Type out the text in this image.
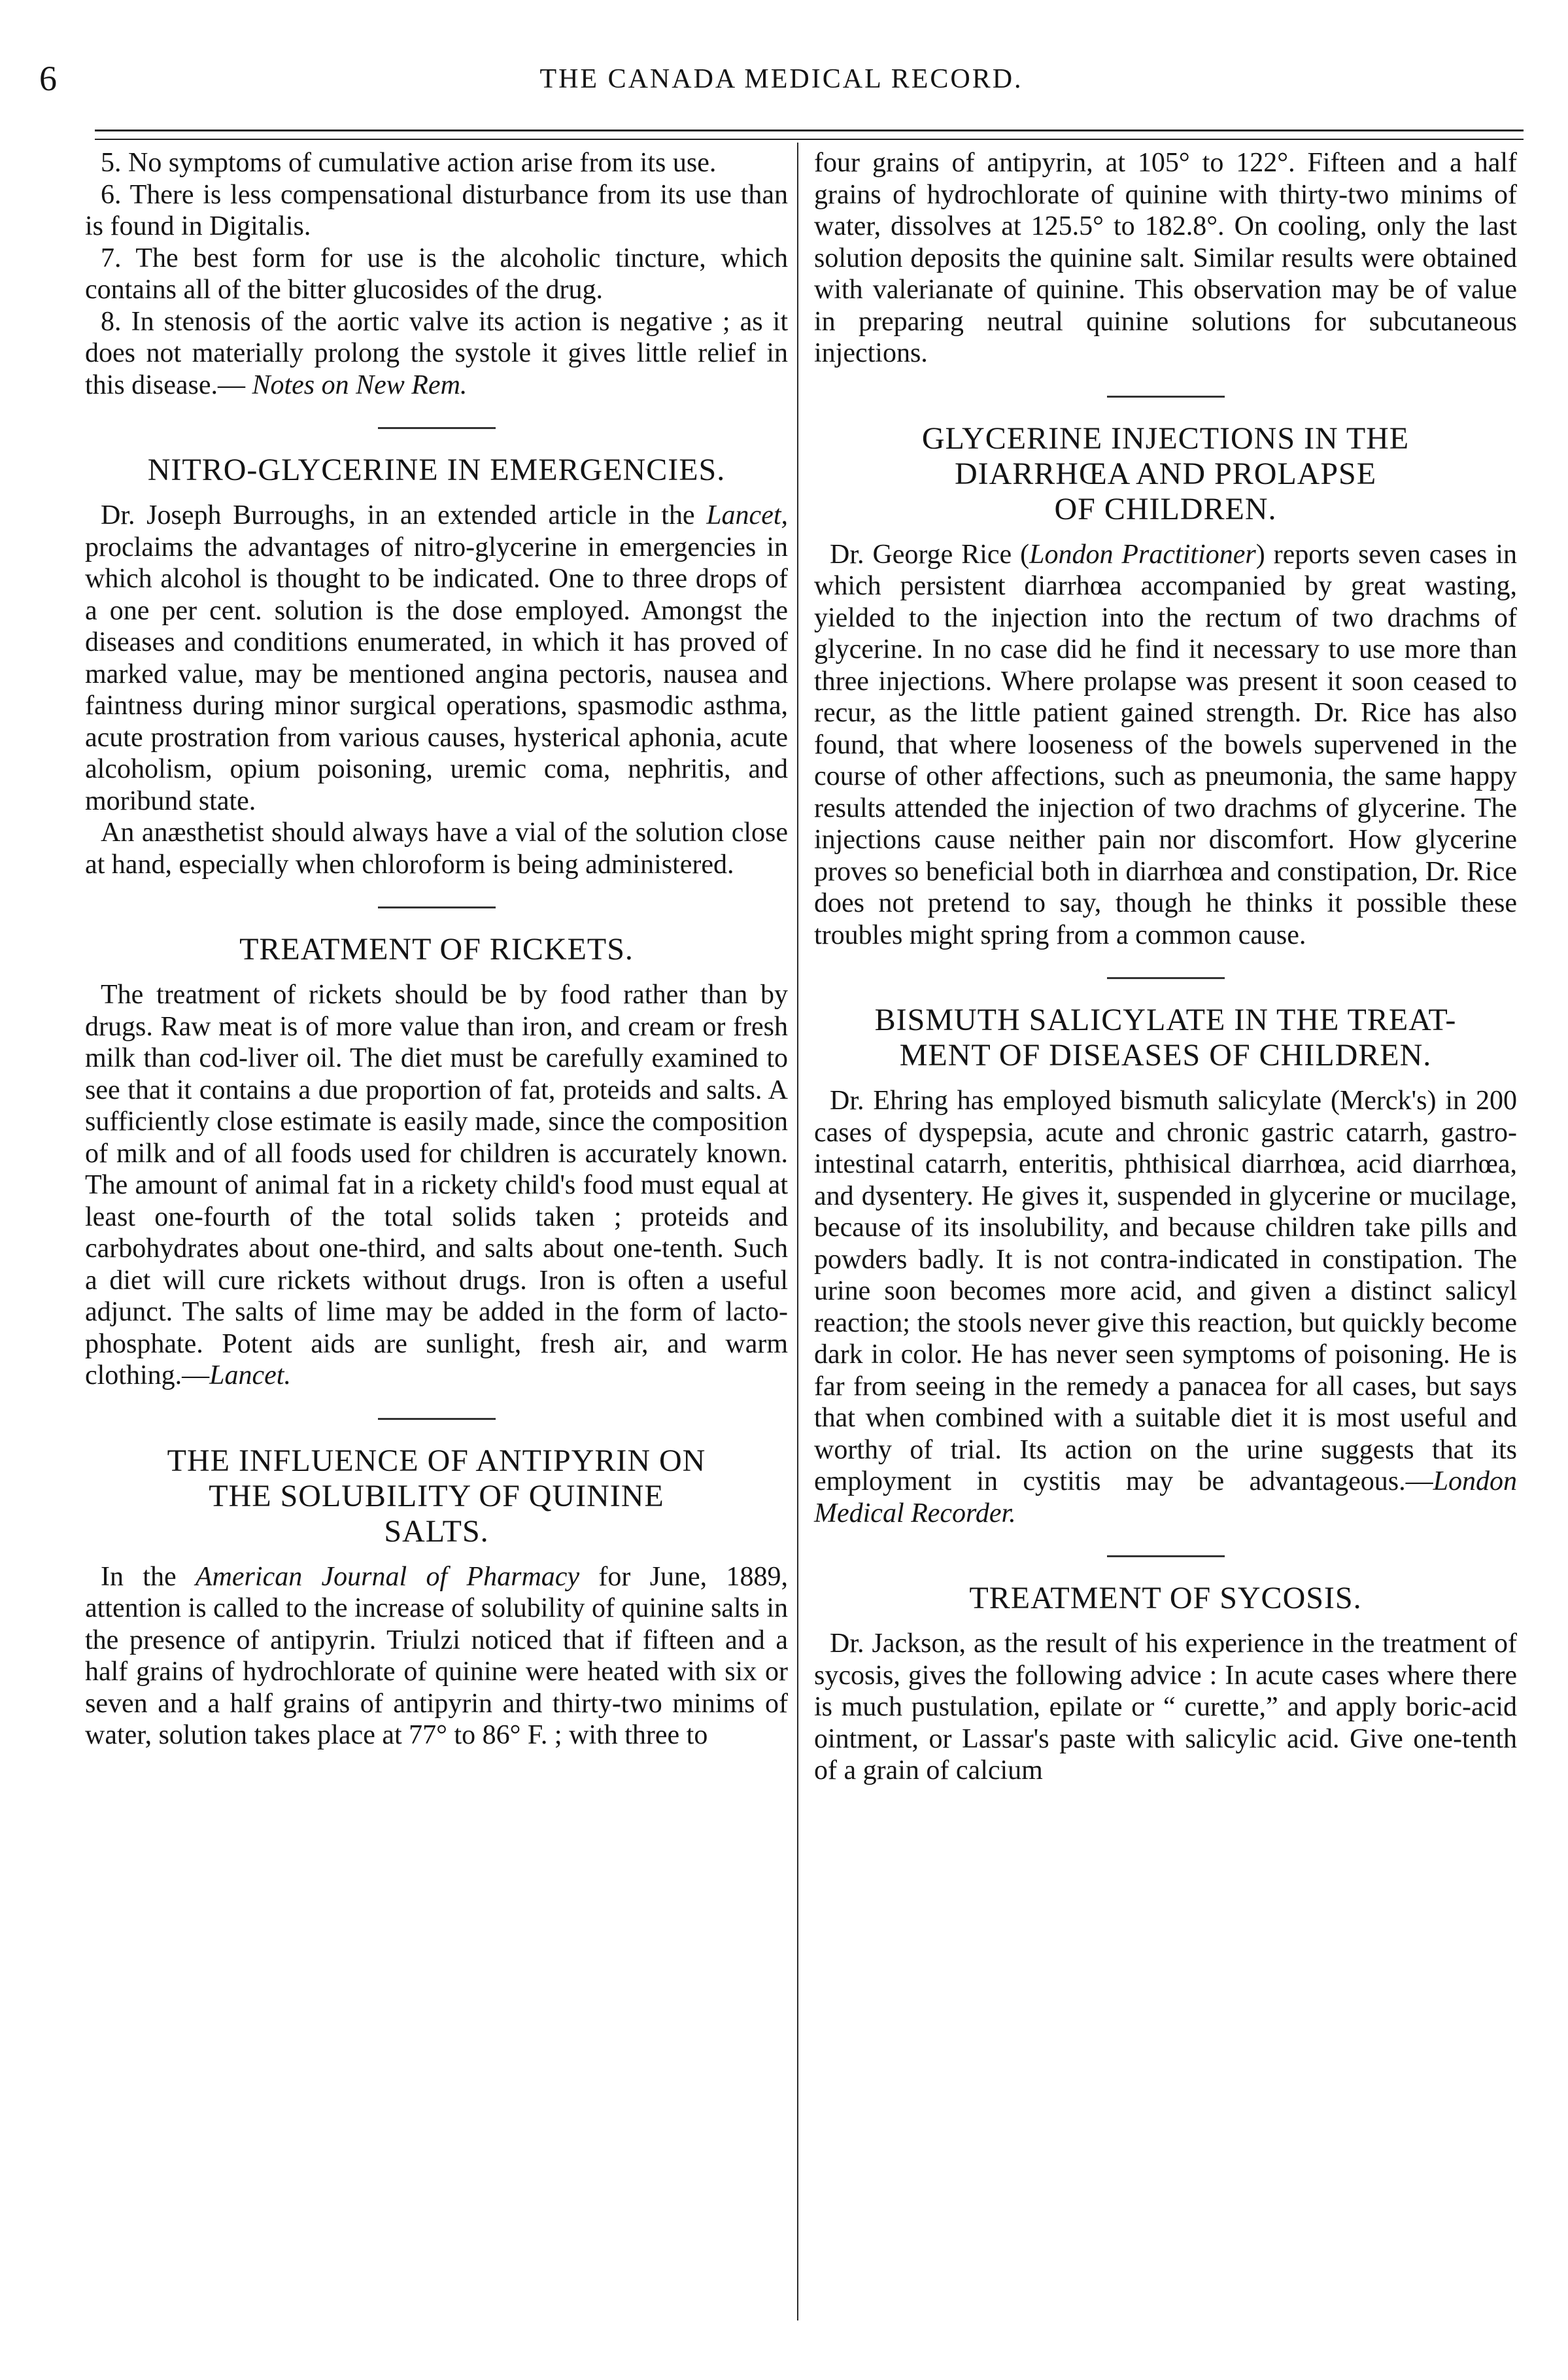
6	THE CANADA MEDICAL RECORD.

5. No symptoms of cumulative action arise from its use.

6. There is less compensational disturbance from its use than is found in Digitalis.

7. The best form for use is the alcoholic tincture, which contains all of the bitter glucosides of the drug.

8. In stenosis of the aortic valve its action is negative ; as it does not materially prolong the systole it gives little relief in this disease.— Notes on New Rem.

NITRO-GLYCERINE IN EMERGENCIES.

Dr. Joseph Burroughs, in an extended article in the Lancet, proclaims the advantages of nitro-glycerine in emergencies in which alcohol is thought to be indicated. One to three drops of a one per cent. solution is the dose employed. Amongst the diseases and conditions enumerated, in which it has proved of marked value, may be mentioned angina pectoris, nausea and faintness during minor surgical operations, spasmodic asthma, acute prostration from various causes, hysterical aphonia, acute alcoholism, opium poisoning, uremic coma, nephritis, and moribund state.

An anæsthetist should always have a vial of the solution close at hand, especially when chloroform is being administered.

TREATMENT OF RICKETS.

The treatment of rickets should be by food rather than by drugs. Raw meat is of more value than iron, and cream or fresh milk than cod-liver oil. The diet must be carefully examined to see that it contains a due proportion of fat, proteids and salts. A sufficiently close estimate is easily made, since the composition of milk and of all foods used for children is accurately known. The amount of animal fat in a rickety child's food must equal at least one-fourth of the total solids taken ; proteids and carbohydrates about one-third, and salts about one-tenth. Such a diet will cure rickets without drugs. Iron is often a useful adjunct. The salts of lime may be added in the form of lacto-phosphate. Potent aids are sunlight, fresh air, and warm clothing.—Lancet.

THE INFLUENCE OF ANTIPYRIN ON
THE SOLUBILITY OF QUININE
SALTS.

In the American Journal of Pharmacy for June, 1889, attention is called to the increase of solubility of quinine salts in the presence of antipyrin. Triulzi noticed that if fifteen and a half grains of hydrochlorate of quinine were heated with six or seven and a half grains of antipyrin and thirty-two minims of water, solution takes place at 77° to 86° F. ; with three to

four grains of antipyrin, at 105° to 122°. Fifteen and a half grains of hydrochlorate of quinine with thirty-two minims of water, dissolves at 125.5° to 182.8°. On cooling, only the last solution deposits the quinine salt. Similar results were obtained with valerianate of quinine. This observation may be of value in preparing neutral quinine solutions for subcutaneous injections.

GLYCERINE INJECTIONS IN THE
DIARRHŒA AND PROLAPSE
OF CHILDREN.

Dr. George Rice (London Practitioner) reports seven cases in which persistent diarrhœa accompanied by great wasting, yielded to the injection into the rectum of two drachms of glycerine. In no case did he find it necessary to use more than three injections. Where prolapse was present it soon ceased to recur, as the little patient gained strength. Dr. Rice has also found, that where looseness of the bowels supervened in the course of other affections, such as pneumonia, the same happy results attended the injection of two drachms of glycerine. The injections cause neither pain nor discomfort. How glycerine proves so beneficial both in diarrhœa and constipation, Dr. Rice does not pretend to say, though he thinks it possible these troubles might spring from a common cause.

BISMUTH SALICYLATE IN THE TREAT-
MENT OF DISEASES OF CHILDREN.

Dr. Ehring has employed bismuth salicylate (Merck's) in 200 cases of dyspepsia, acute and chronic gastric catarrh, gastro-intestinal catarrh, enteritis, phthisical diarrhœa, acid diarrhœa, and dysentery. He gives it, suspended in glycerine or mucilage, because of its insolubility, and because children take pills and powders badly. It is not contra-indicated in constipation. The urine soon becomes more acid, and given a distinct salicyl reaction; the stools never give this reaction, but quickly become dark in color. He has never seen symptoms of poisoning. He is far from seeing in the remedy a panacea for all cases, but says that when combined with a suitable diet it is most useful and worthy of trial. Its action on the urine suggests that its employment in cystitis may be advantageous.—London Medical Recorder.

TREATMENT OF SYCOSIS.

Dr. Jackson, as the result of his experience in the treatment of sycosis, gives the following advice : In acute cases where there is much pustulation, epilate or “ curette,” and apply boric-acid ointment, or Lassar's paste with salicylic acid. Give one-tenth of a grain of calcium
